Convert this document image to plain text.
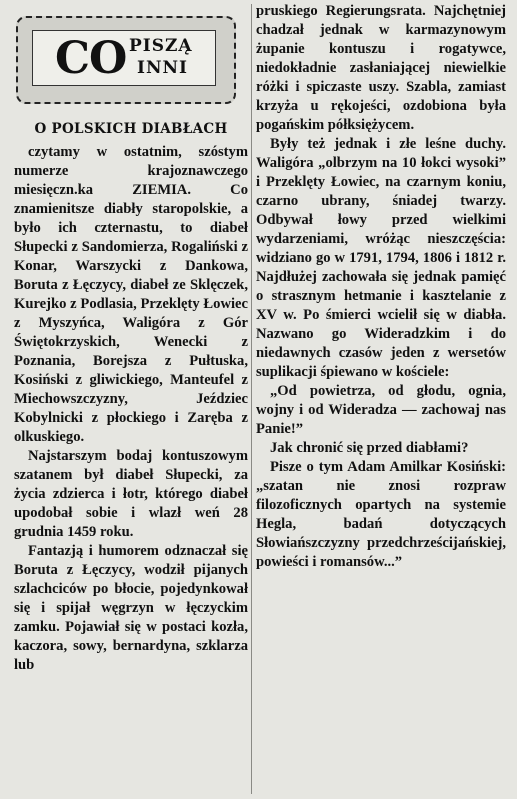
CO PISZĄ
INNI
O POLSKICH DIABŁACH

czytamy w ostatnim, szóstym numerze krajoznawczego miesięczn.ka ZIEMIA. Co znamienitsze diabły staropolskie, a było ich czternastu, to diabeł Słupecki z Sandomierza, Rogaliński z Konar, Warszycki z Dankowa, Boruta z Łęczycy, diabeł ze Sklęczek, Kurejko z Podlasia, Przeklęty Łowiec z Myszyńca, Waligóra z Gór Świętokrzyskich, Wenecki z Poznania, Borejsza z Pułtuska, Kosiński z gliwickiego, Manteufel z Miechowszczyzny, Jeździec Kobylnicki z płockiego i Zaręba z olkuskiego.

Najstarszym bodaj kontuszowym szatanem był diabeł Słupecki, za życia zdzierca i łotr, którego diabeł upodobał sobie i wlazł weń 28 grudnia 1459 roku.

Fantazją i humorem odznaczał się Boruta z Łęczycy, wodził pijanych szlachciców po błocie, pojedynkował się i spijał węgrzyn w łęczyckim zamku. Pojawiał się w postaci kozła, kaczora, sowy, bernardyna, szklarza lub

pruskiego Regierungsrata. Najchętniej chadzał jednak w karmazynowym żupanie kontuszu i rogatywce, niedokładnie zasłaniającej niewielkie różki i spiczaste uszy. Szabla, zamiast krzyża u rękojeści, ozdobiona była pogańskim półksiężycem.

Były też jednak i złe leśne duchy. Waligóra „olbrzym na 10 łokci wysoki” i Przeklęty Łowiec, na czarnym koniu, czarno ubrany, śniadej twarzy. Odbywał łowy przed wielkimi wydarzeniami, wróżąc nieszczęścia: widziano go w 1791, 1794, 1806 i 1812 r. Najdłużej zachowała się jednak pamięć o strasznym hetmanie i kasztelanie z XV w. Po śmierci wcielił się w diabła. Nazwano go Wideradzkim i do niedawnych czasów jeden z wersetów suplikacji śpiewano w kościele:

„Od powietrza, od głodu, ognia, wojny i od Wideradza — zachowaj nas Panie!”

Jak chronić się przed diabłami?

Pisze o tym Adam Amilkar Kosiński: „szatan nie znosi rozpraw filozoficznych opartych na systemie Hegla, badań dotyczących Słowiańszczyzny przedchrześcijańskiej, powieści i romansów...”
